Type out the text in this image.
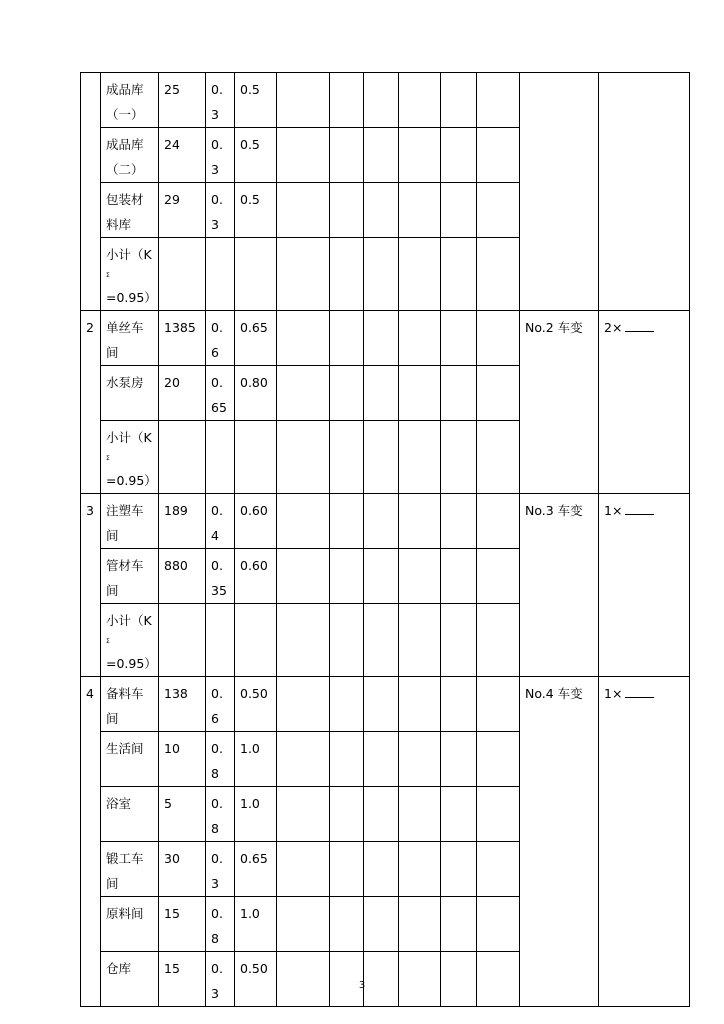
	成品库（一）	25	0.3	0.5								
	成品库（二）	24	0.3	0.5								
	包装材料库	29	0.3	0.5								

	小计（K
Σ
=0.95）											

2	单丝车间	1385	0.6	0.65							No.2 车变	2×
	水泵房	20	0.65	0.80								

	小计（K
Σ
=0.95）											

3	注塑车间	189	0.4	0.60							No.3 车变	1×
	管材车间	880	0.35	0.60								

	小计（K
Σ
=0.95）											

4	备料车间	138	0.6	0.50							No.4 车变	1×
	生活间	10	0.8	1.0								
	浴室	5	0.8	1.0								
	锻工车间	30	0.3	0.65								
	原料间	15	0.8	1.0								
	仓库	15	0.3	0.50								
3
